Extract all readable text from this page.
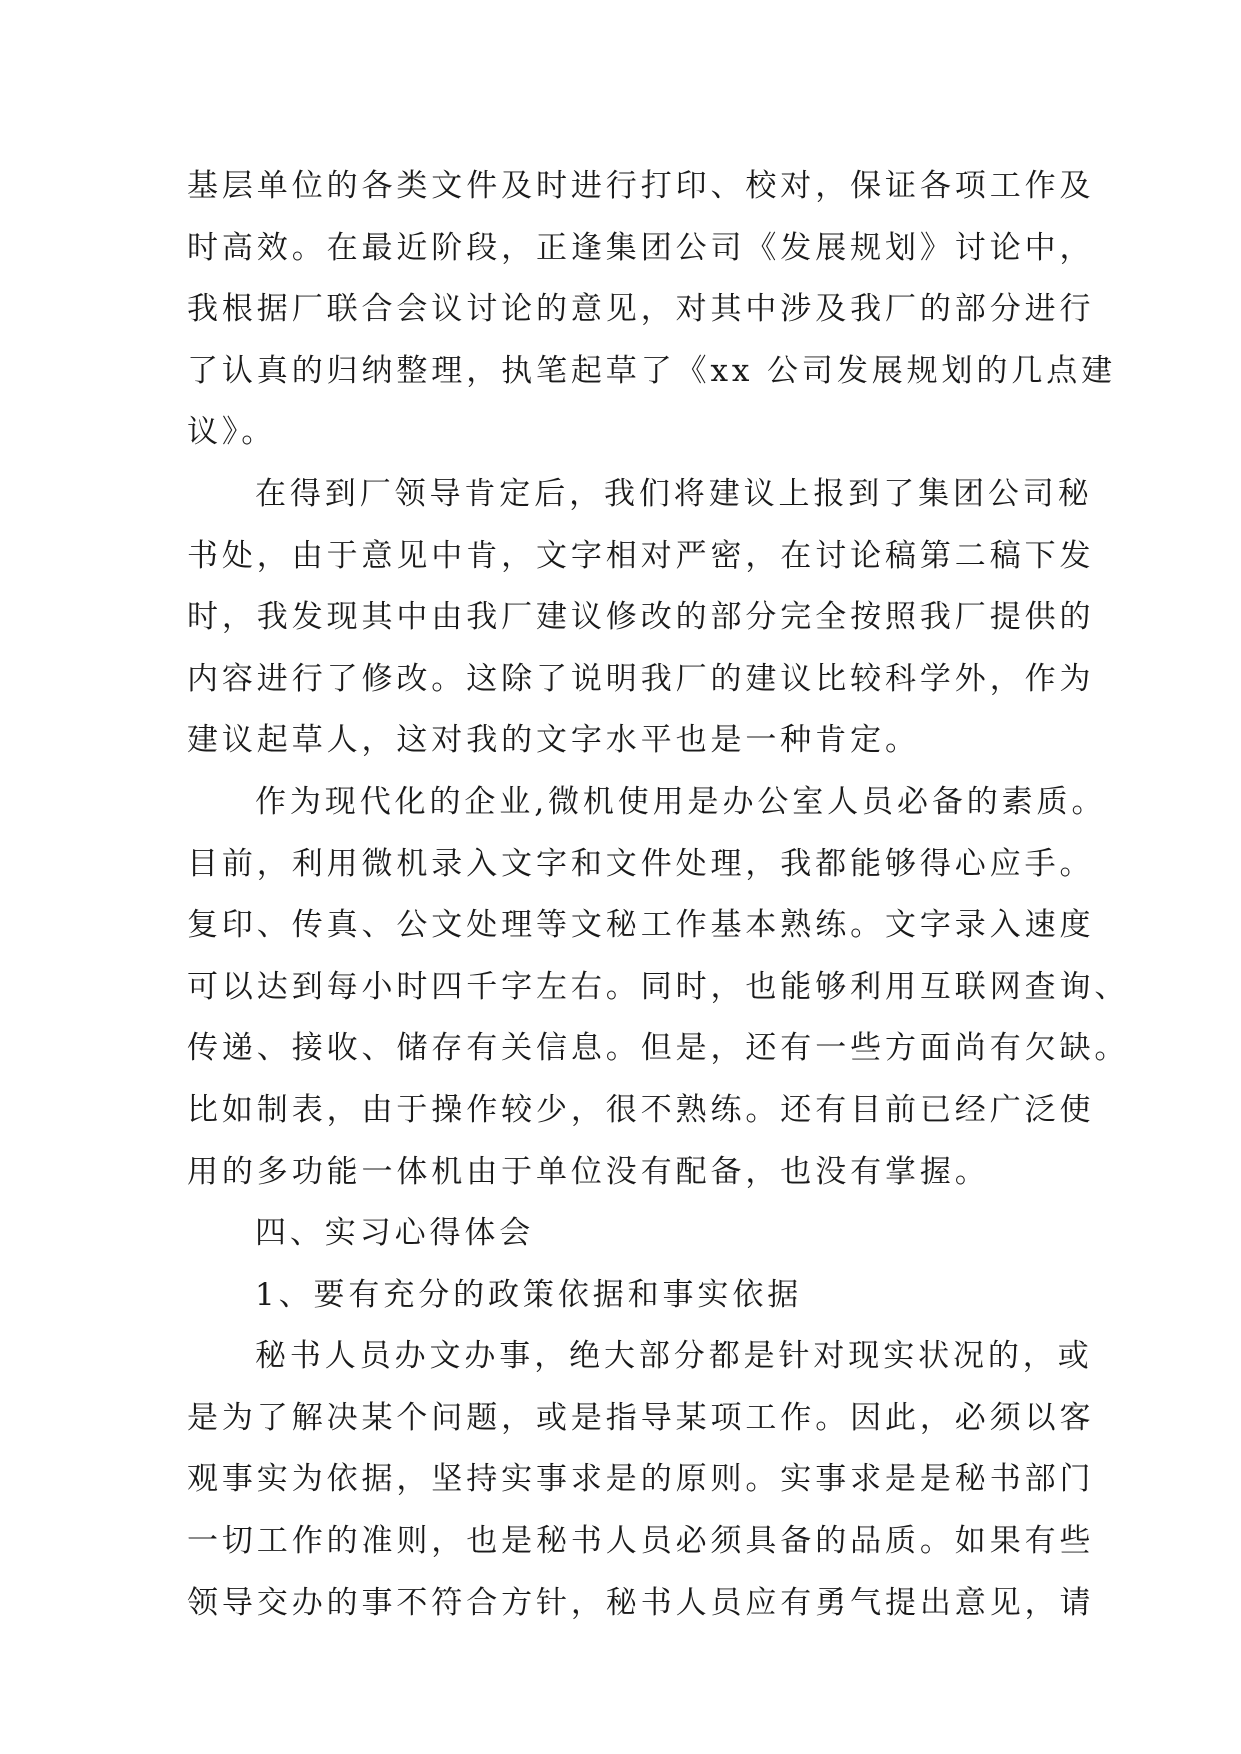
基层单位的各类文件及时进行打印、校对，保证各项工作及
时高效。在最近阶段，正逢集团公司《发展规划》讨论中，
我根据厂联合会议讨论的意见，对其中涉及我厂的部分进行
了认真的归纳整理，执笔起草了《xx 公司发展规划的几点建
议》。
在得到厂领导肯定后，我们将建议上报到了集团公司秘
书处，由于意见中肯，文字相对严密，在讨论稿第二稿下发
时，我发现其中由我厂建议修改的部分完全按照我厂提供的
内容进行了修改。这除了说明我厂的建议比较科学外，作为
建议起草人，这对我的文字水平也是一种肯定。
作为现代化的企业,微机使用是办公室人员必备的素质。
目前，利用微机录入文字和文件处理，我都能够得心应手。
复印、传真、公文处理等文秘工作基本熟练。文字录入速度
可以达到每小时四千字左右。同时，也能够利用互联网查询、
传递、接收、储存有关信息。但是，还有一些方面尚有欠缺。
比如制表，由于操作较少，很不熟练。还有目前已经广泛使
用的多功能一体机由于单位没有配备，也没有掌握。
四、实习心得体会
1、要有充分的政策依据和事实依据
秘书人员办文办事，绝大部分都是针对现实状况的，或
是为了解决某个问题，或是指导某项工作。因此，必须以客
观事实为依据，坚持实事求是的原则。实事求是是秘书部门
一切工作的准则，也是秘书人员必须具备的品质。如果有些
领导交办的事不符合方针，秘书人员应有勇气提出意见，请
